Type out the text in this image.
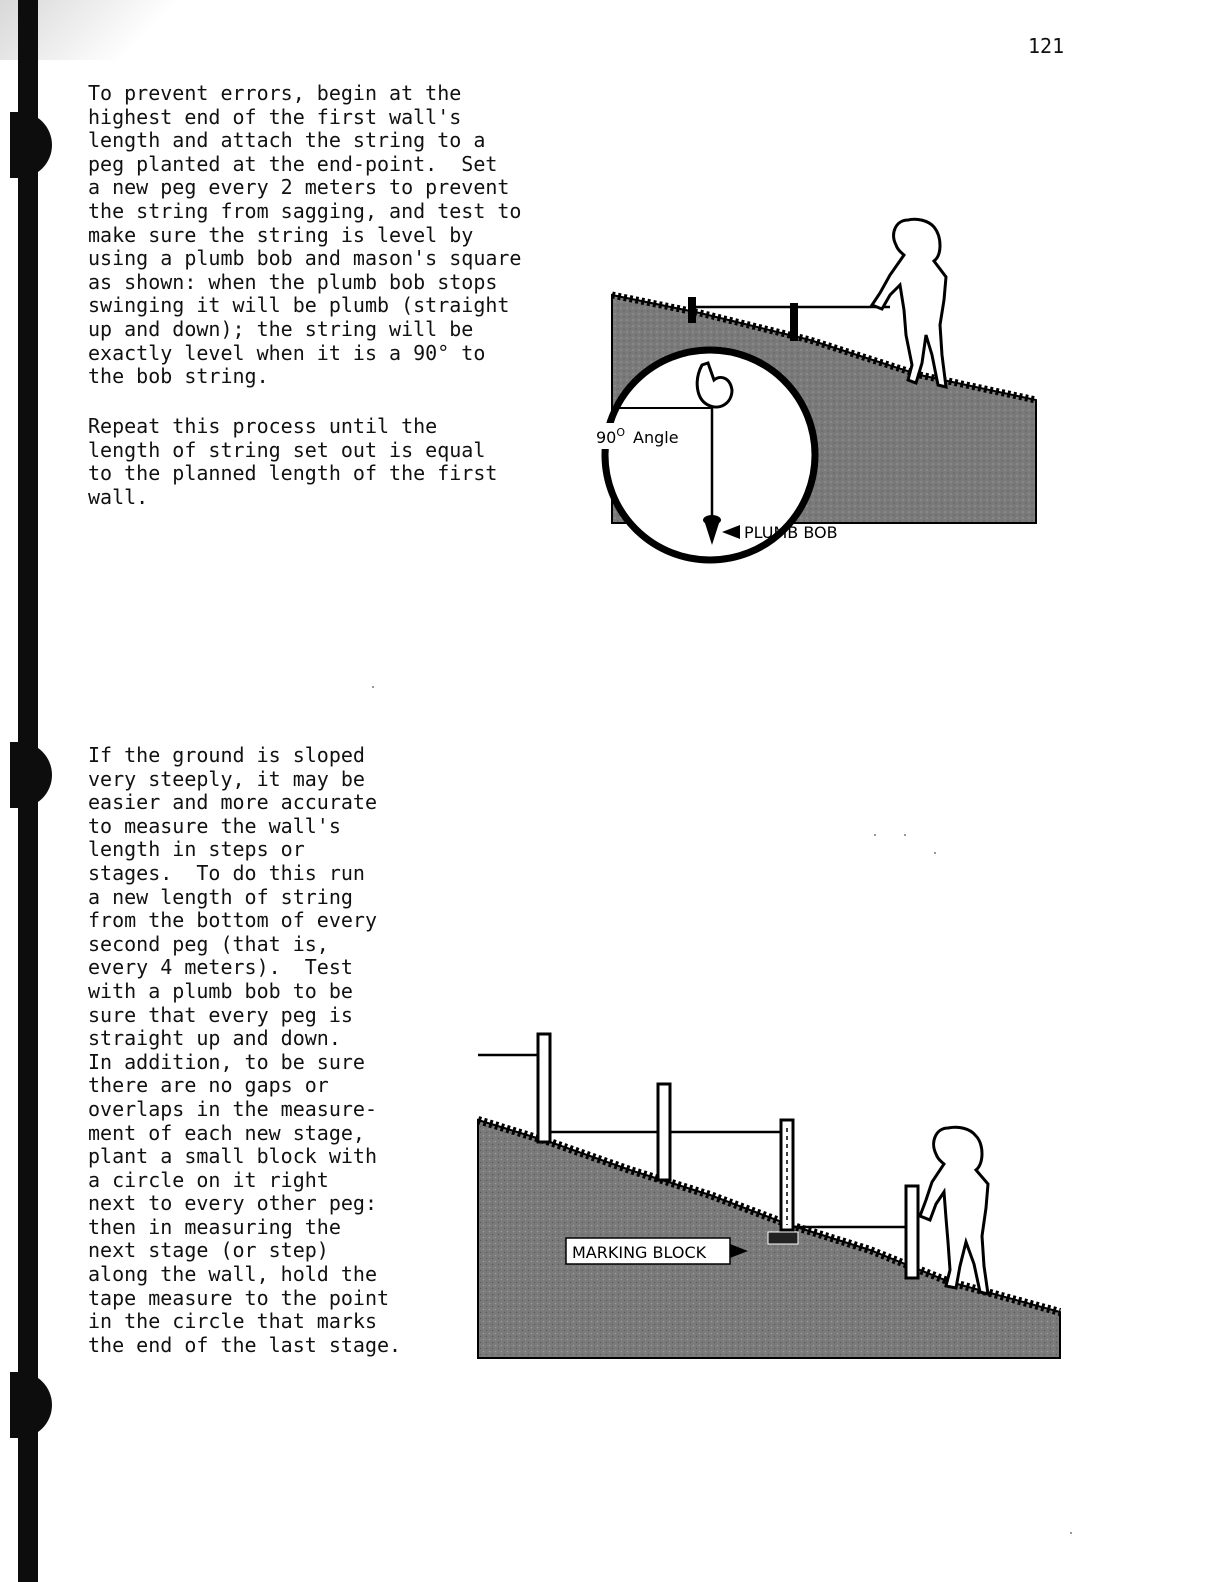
121
To prevent errors, begin at the
highest end of the first wall's
length and attach the string to a
peg planted at the end-point.  Set
a new peg every 2 meters to prevent
the string from sagging, and test to
make sure the string is level by
using a plumb bob and mason's square
as shown: when the plumb bob stops
swinging it will be plumb (straight
up and down); the string will be
exactly level when it is a 90° to
the bob string.
Repeat this process until the
length of string set out is equal
to the planned length of the first
wall.
If the ground is sloped
very steeply, it may be
easier and more accurate
to measure the wall's
length in steps or
stages.  To do this run
a new length of string
from the bottom of every
second peg (that is,
every 4 meters).  Test
with a plumb bob to be
sure that every peg is
straight up and down.
In addition, to be sure
there are no gaps or
overlaps in the measure-
ment of each new stage,
plant a small block with
a circle on it right
next to every other peg:
then in measuring the
next stage (or step)
along the wall, hold the
tape measure to the point
in the circle that marks
the end of the last stage.
$90^O$ Angle
PLUMB BOB
MARKING BLOCK
